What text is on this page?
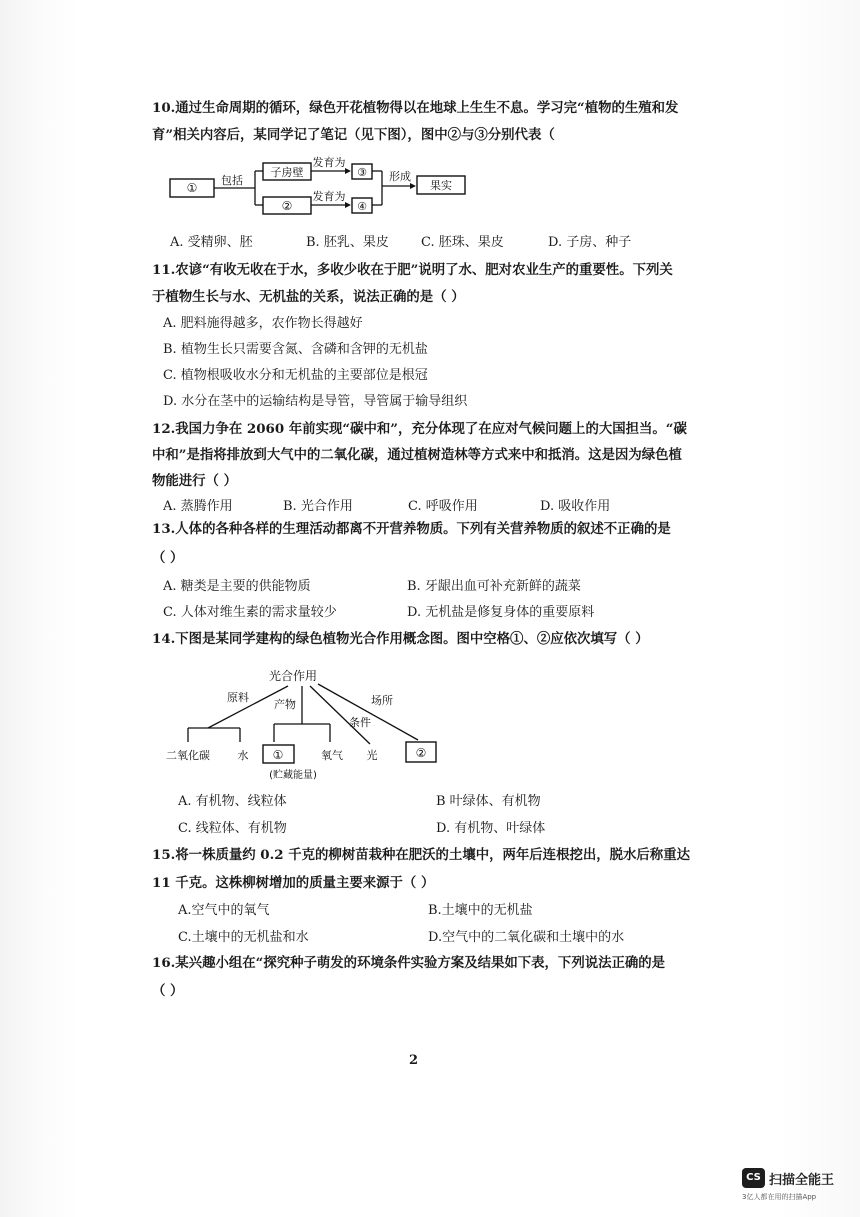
10.通过生命周期的循环，绿色开花植物得以在地球上生生不息。学习完“植物的生殖和发
育”相关内容后，某同学记了笔记（见下图），图中②与③分别代表（
①
包括
子房壁
②
发育为
发育为
③
④
形成
果实
A. 受精卵、胚	B. 胚乳、果皮 C. 胚珠、果皮	D. 子房、种子
11.农谚“有收无收在于水，多收少收在于肥”说明了水、肥对农业生产的重要性。下列关
于植物生长与水、无机盐的关系，说法正确的是（ ）
A. 肥料施得越多，农作物长得越好
B. 植物生长只需要含氮、含磷和含钾的无机盐
C. 植物根吸收水分和无机盐的主要部位是根冠
D. 水分在茎中的运输结构是导管，导管属于输导组织
12.我国力争在 2060 年前实现“碳中和”，充分体现了在应对气候问题上的大国担当。“碳
中和”是指将排放到大气中的二氧化碳，通过植树造林等方式来中和抵消。这是因为绿色植
物能进行（ ）
A. 蒸腾作用	B. 光合作用	C. 呼吸作用	D. 吸收作用
13.人体的各种各样的生理活动都离不开营养物质。下列有关营养物质的叙述不正确的是
（ ）
A. 糖类是主要的供能物质	B. 牙龈出血可补充新鲜的蔬菜
C. 人体对维生素的需求量较少	D. 无机盐是修复身体的重要原料
14.下图是某同学建构的绿色植物光合作用概念图。图中空格①、②应依次填写（ ）
光合作用
原料
产物
条件
场所
二氧化碳	水 ①	氧气 光	②
(贮藏能量)
A. 有机物、线粒体	B 叶绿体、有机物
C. 线粒体、有机物	D. 有机物、叶绿体
15.将一株质量约 0.2 千克的柳树苗栽种在肥沃的土壤中，两年后连根挖出，脱水后称重达
11 千克。这株柳树增加的质量主要来源于（ ）
A.空气中的氧气	B.土壤中的无机盐
C.土壤中的无机盐和水	D.空气中的二氧化碳和土壤中的水
16.某兴趣小组在“探究种子萌发的环境条件实验方案及结果如下表，下列说法正确的是
（ ）
2
CS 扫描全能王
3亿人都在用的扫描App
